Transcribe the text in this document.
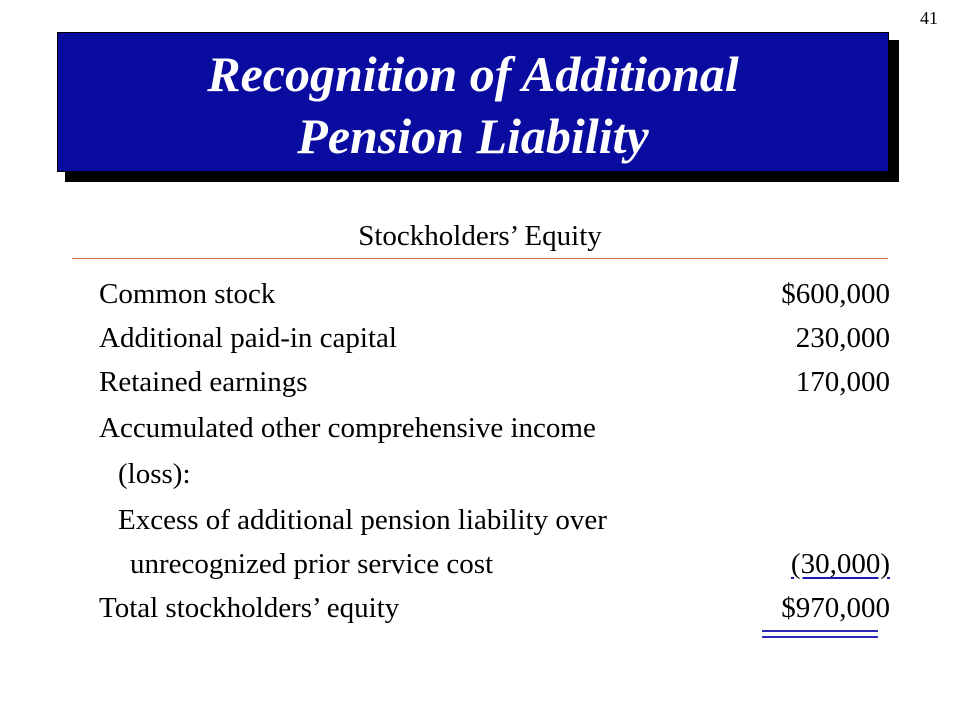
41
Recognition of Additional
Pension Liability
Stockholders’ Equity
Common stock	$600,000
Additional paid-in capital	230,000
Retained earnings	170,000
Accumulated other comprehensive income
(loss):
Excess of additional pension liability over
unrecognized prior service cost	(30,000)
Total stockholders’ equity	$970,000
